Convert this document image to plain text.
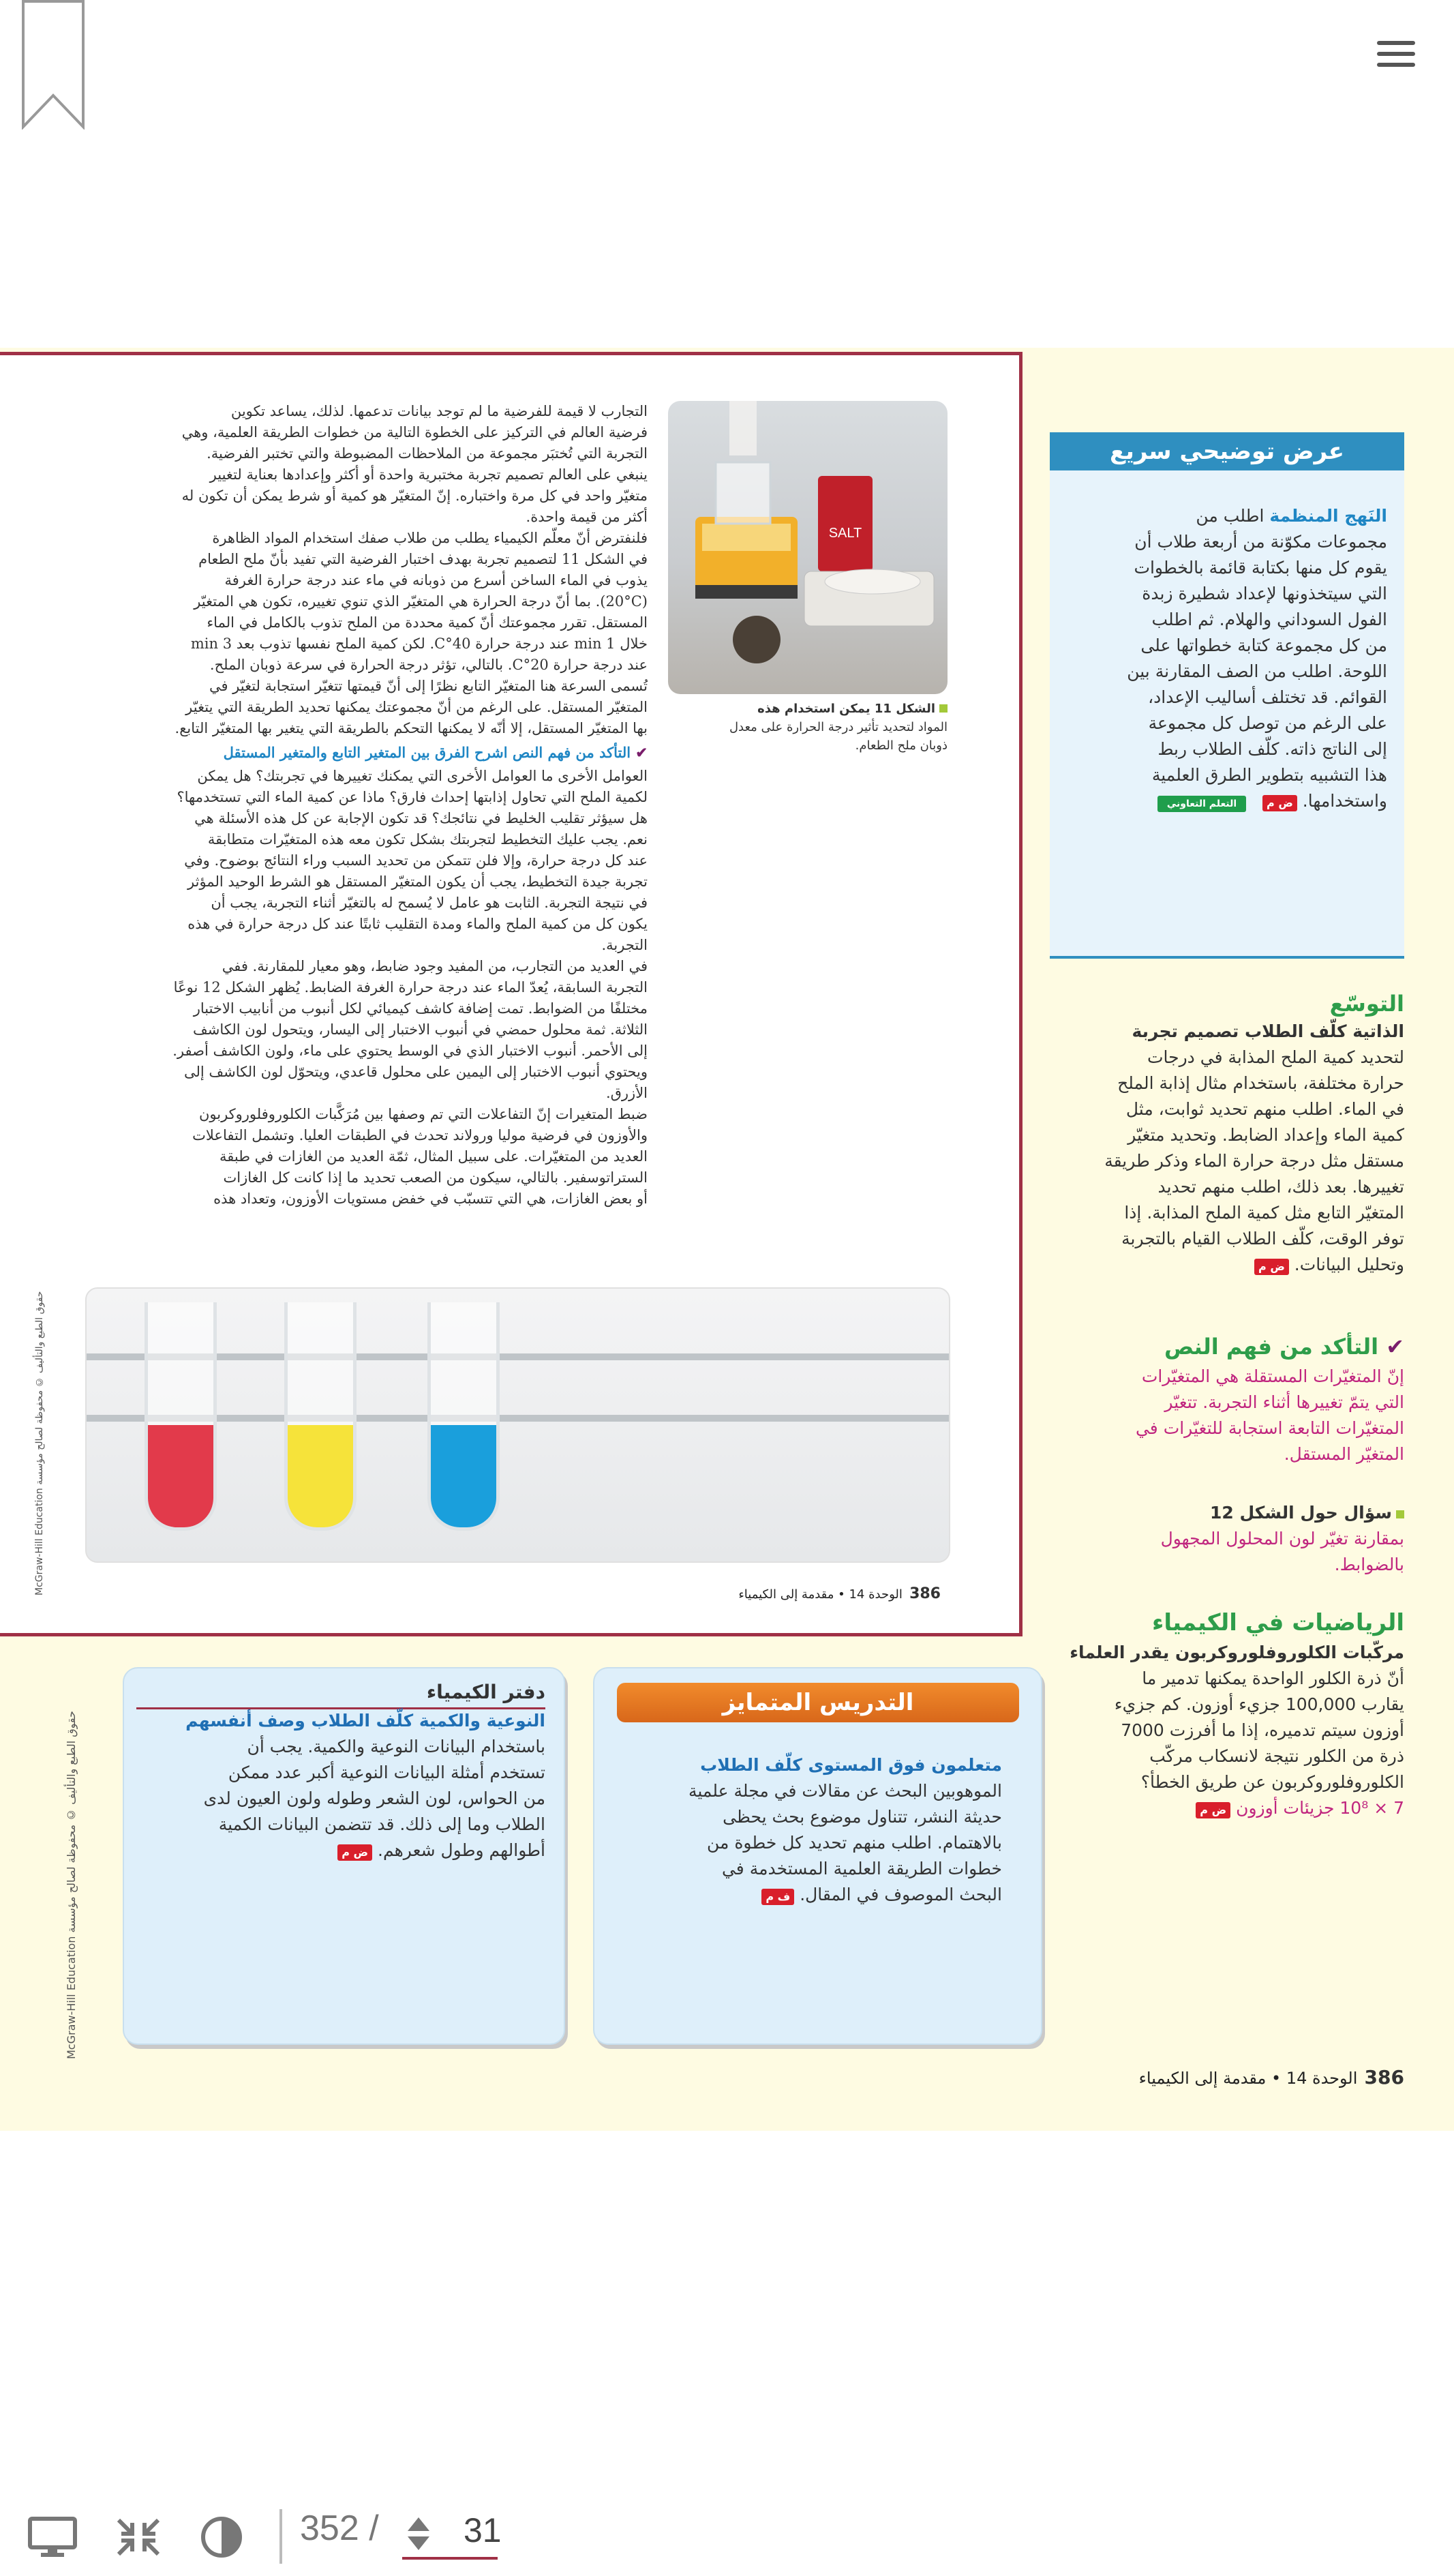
التجارب لا قيمة للفرضية ما لم توجد بيانات تدعمها. لذلك، يساعد تكوين
فرضية العالم في التركيز على الخطوة التالية من خطوات الطريقة العلمية، وهي
التجربة التي تُختبَر مجموعة من الملاحظات المضبوطة والتي تختبر الفرضية.
ينبغي على العالم تصميم تجربة مختبرية واحدة أو أكثر وإعدادها بعناية لتغيير
متغيّر واحد في كل مرة واختباره. إنّ المتغيّر هو كمية أو شرط يمكن أن تكون له
أكثر من قيمة واحدة.
فلنفترض أنّ معلّم الكيمياء يطلب من طلاب صفك استخدام المواد الظاهرة
في الشكل 11 لتصميم تجربة بهدف اختبار الفرضية التي تفيد بأنّ ملح الطعام
يذوب في الماء الساخن أسرع من ذوبانه في ماء عند درجة حرارة الغرفة
(20°C). بما أنّ درجة الحرارة هي المتغيّر الذي تنوي تغييره، تكون هي المتغيّر
المستقل. تقرر مجموعتك أنّ كمية محددة من الملح تذوب بالكامل في الماء
خلال 1 min عند درجة حرارة 40°C. لكن كمية الملح نفسها تذوب بعد 3 min
عند درجة حرارة 20°C. بالتالي، تؤثر درجة الحرارة في سرعة ذوبان الملح.
تُسمى السرعة هنا المتغيّر التابع نظرًا إلى أنّ قيمتها تتغيّر استجابة لتغيّر في
المتغيّر المستقل. على الرغم من أنّ مجموعتك يمكنها تحديد الطريقة التي يتغيّر
بها المتغيّر المستقل، إلا أنّه لا يمكنها التحكم بالطريقة التي يتغير بها المتغيّر التابع.
✔ التأكد من فهم النص اشرح الفرق بين المتغير التابع والمتغير المستقل
العوامل الأخرى ما العوامل الأخرى التي يمكنك تغييرها في تجربتك؟ هل يمكن
لكمية الملح التي تحاول إذابتها إحداث فارق؟ ماذا عن كمية الماء التي تستخدمها؟
هل سيؤثر تقليب الخليط في نتائجك؟ قد تكون الإجابة عن كل هذه الأسئلة هي
نعم. يجب عليك التخطيط لتجربتك بشكل تكون معه هذه المتغيّرات متطابقة
عند كل درجة حرارة، وإلا فلن تتمكن من تحديد السبب وراء النتائج بوضوح. وفي
تجربة جيدة التخطيط، يجب أن يكون المتغيّر المستقل هو الشرط الوحيد المؤثر
في نتيجة التجربة. الثابت هو عامل لا يُسمح له بالتغيّر أثناء التجربة، يجب أن
يكون كل من كمية الملح والماء ومدة التقليب ثابتًا عند كل درجة حرارة في هذه
التجربة.
في العديد من التجارب، من المفيد وجود ضابط، وهو معيار للمقارنة. ففي
التجربة السابقة، يُعدّ الماء عند درجة حرارة الغرفة الضابط. يُظهر الشكل 12 نوعًا
مختلفًا من الضوابط. تمت إضافة كاشف كيميائي لكل أنبوب من أنابيب الاختبار
الثلاثة. ثمة محلول حمضي في أنبوب الاختبار إلى اليسار، ويتحول لون الكاشف
إلى الأحمر. أنبوب الاختبار الذي في الوسط يحتوي على ماء، ولون الكاشف أصفر.
ويحتوي أنبوب الاختبار إلى اليمين على محلول قاعدي، ويتحوّل لون الكاشف إلى
الأزرق.
ضبط المتغيرات إنّ التفاعلات التي تم وصفها بين مُرَكَّبات الكلوروفلوروكربون
والأوزون في فرضية موليا ورولاند تحدث في الطبقات العليا. وتشمل التفاعلات
العديد من المتغيّرات. على سبيل المثال، ثمّة العديد من الغازات في طبقة
الستراتوسفير. بالتالي، سيكون من الصعب تحديد ما إذا كانت كل الغازات
أو بعض الغازات، هي التي تتسبّب في خفض مستويات الأوزون، وتعداد هذه
SALT
الشكل 11 يمكن استخدام هذه
المواد لتحديد تأثير درجة الحرارة على معدل
ذوبان ملح الطعام.
386  الوحدة 14 • مقدمة إلى الكيمياء
McGraw-Hill Education حقوق الطبع والتأليف © محفوظة لصالح مؤسسة
عرض توضيحي سريع
النَهج المنظمة اطلب من
مجموعات مكوّنة من أربعة طلاب أن
يقوم كل منها بكتابة قائمة بالخطوات
التي سيتخذونها لإعداد شطيرة زبدة
الفول السوداني والهلام. ثم اطلب
من كل مجموعة كتابة خطواتها على
اللوحة. اطلب من الصف المقارنة بين
القوائم. قد تختلف أساليب الإعداد،
على الرغم من توصل كل مجموعة
إلى الناتج ذاته. كلّف الطلاب ربط
هذا التشبيه بتطوير الطرق العلمية
واستخدامها. ض م   التعلم التعاوني
التوسّع
الذاتية كلّف الطلاب تصميم تجربة
لتحديد كمية الملح المذابة في درجات
حرارة مختلفة، باستخدام مثال إذابة الملح
في الماء. اطلب منهم تحديد ثوابت، مثل
كمية الماء وإعداد الضابط. وتحديد متغيّر
مستقل مثل درجة حرارة الماء وذكر طريقة
تغييرها. بعد ذلك، اطلب منهم تحديد
المتغيّر التابع مثل كمية الملح المذابة. إذا
توفر الوقت، كلّف الطلاب القيام بالتجربة
وتحليل البيانات. ض م
✔ التأكد من فهم النص
إنّ المتغيّرات المستقلة هي المتغيّرات
التي يتمّ تغييرها أثناء التجربة. تتغيّر
المتغيّرات التابعة استجابة للتغيّرات في
المتغيّر المستقل.
سؤال حول الشكل 12
بمقارنة تغيّر لون المحلول المجهول
بالضوابط.
الرياضيات في الكيمياء
مركّبات الكلوروفلوروكربون يقدر العلماء
أنّ ذرة الكلور الواحدة يمكنها تدمير ما
يقارب 100,000 جزيء أوزون. كم جزيء
أوزون سيتم تدميره، إذا ما أفرزت 7000
ذرة من الكلور نتيجة لانسكاب مركّب
الكلوروفلوروكربون عن طريق الخطأ؟
7 × 10⁸ جزيئات أوزون ض م
التدريس المتمايز
متعلمون فوق المستوى كلّف الطلاب
الموهوبين البحث عن مقالات في مجلة علمية
حديثة النشر، تتناول موضوع بحث يحظى
بالاهتمام. اطلب منهم تحديد كل خطوة من
خطوات الطريقة العلمية المستخدمة في
البحث الموصوف في المقال. ف م
دفتر الكيمياء
النوعية والكمية كلّف الطلاب وصف أنفسهم
باستخدام البيانات النوعية والكمية. يجب أن
تستخدم أمثلة البيانات النوعية أكبر عدد ممكن
من الحواس، لون الشعر وطوله ولون العيون لدى
الطلاب وما إلى ذلك. قد تتضمن البيانات الكمية
أطوالهم وطول شعرهم. ض م
McGraw-Hill Education حقوق الطبع والتأليف © محفوظة لصالح مؤسسة
386  الوحدة 14 • مقدمة إلى الكيمياء
352 / 31
